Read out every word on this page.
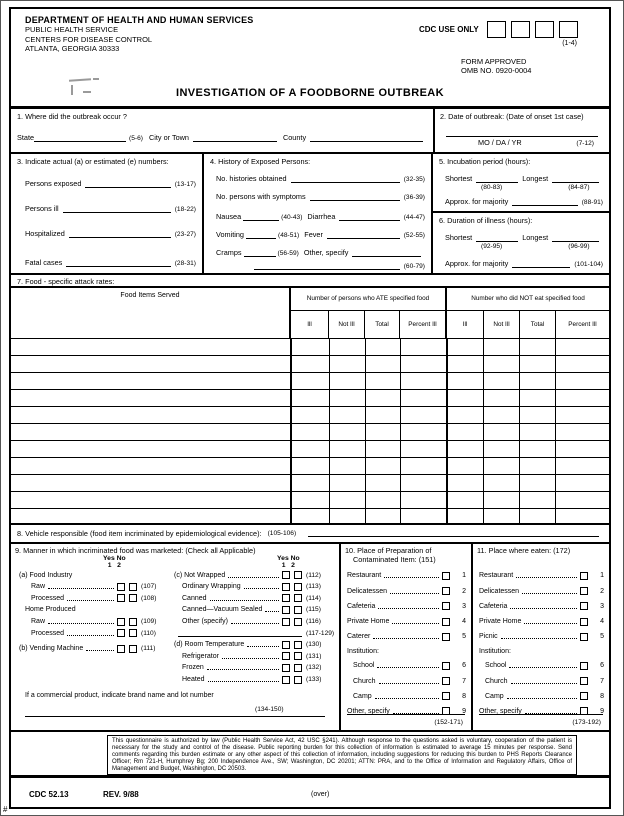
DEPARTMENT OF HEALTH AND HUMAN SERVICES
PUBLIC HEALTH SERVICE
CENTERS FOR DISEASE CONTROL
ATLANTA, GEORGIA 30333
CDC USE ONLY
(1-4)
FORM APPROVED
OMB NO. 0920-0004
INVESTIGATION OF A FOODBORNE OUTBREAK
1. Where did the outbreak occur ?
State	(5-6) City or Town	County
2. Date of outbreak: (Date of onset 1st case)
MO / DA / YR	(7-12)
3. Indicate actual (a) or estimated (e) numbers:
Persons exposed	(13-17)
Persons ill	(18-22)
Hospitalized	(23-27)
Fatal cases	(28-31)
4. History of Exposed Persons:
No. histories obtained	(32-35)
No. persons with symptoms	(36-39)
Nausea	(40-43) Diarrhea	(44-47)
Vomiting	(48-51) Fever	(52-55)
Cramps	(56-59) Other, specify
(60-79)
5. Incubation period (hours):
Shortest	Longest
(80-83)	(84-87)
Approx. for majority	(88-91)
6. Duration of illness (hours):
Shortest	Longest
(92-95)	(96-99)
Approx. for majority	(101-104)
7. Food - specific attack rates:
Food Items Served	Number of persons who ATE specified food	Number who did NOT eat specified food
Ill	Not Ill	Total	Percent Ill	Ill	Not Ill	Total	Percent Ill
8. Vehicle responsible (food item incriminated by epidemiological evidence): (105-106)
9. Manner in which incriminated food was marketed: (Check all Applicable)
Yes No
1 2
Yes No
1 2
(a) Food Industry
Raw	(107)
Processed	(108)
Home Produced
Raw	(109)
Processed	(110)
(b) Vending Machine	(111)
(c) Not Wrapped	(112)
Ordinary Wrapping	(113)
Canned	(114)
Canned—Vacuum Sealed	(115)
Other (specify)	(116)
(117-129)
(d) Room Temperature	(130)
Refrigerator	(131)
Frozen	(132)
Heated	(133)
If a commercial product, indicate brand name and lot number
(134-150)
10. Place of Preparation of
Contaminated Item: (151)
Restaurant	1
Delicatessen	2
Cafeteria	3
Private Home	4
Caterer	5
Institution:
School	6
Church	7
Camp	8
Other, specify	9
(152-171)
11. Place where eaten: (172)
Restaurant	1
Delicatessen	2
Cafeteria	3
Private Home	4
Picnic	5
Institution:
School	6
Church	7
Camp	8
Other, specify	9
(173-192)
This questionnaire is authorized by law (Public Health Service Act, 42 USC §241). Although response to the questions asked is voluntary, cooperation of the patient is necessary for the study and control of the disease. Public reporting burden for this collection of information is estimated to average 15 minutes per response. Send comments regarding this burden estimate or any other aspect of this collection of information, including suggestions for reducing this burden to PHS Reports Clearance Officer; Rm 721-H, Humphrey Bg; 200 Independence Ave., SW; Washington, DC 20201; ATTN: PRA, and to the Office of Information and Regulatory Affairs, Office of Management and Budget, Washington, DC 20503.
CDC 52.13	REV. 9/88	(over)
#
